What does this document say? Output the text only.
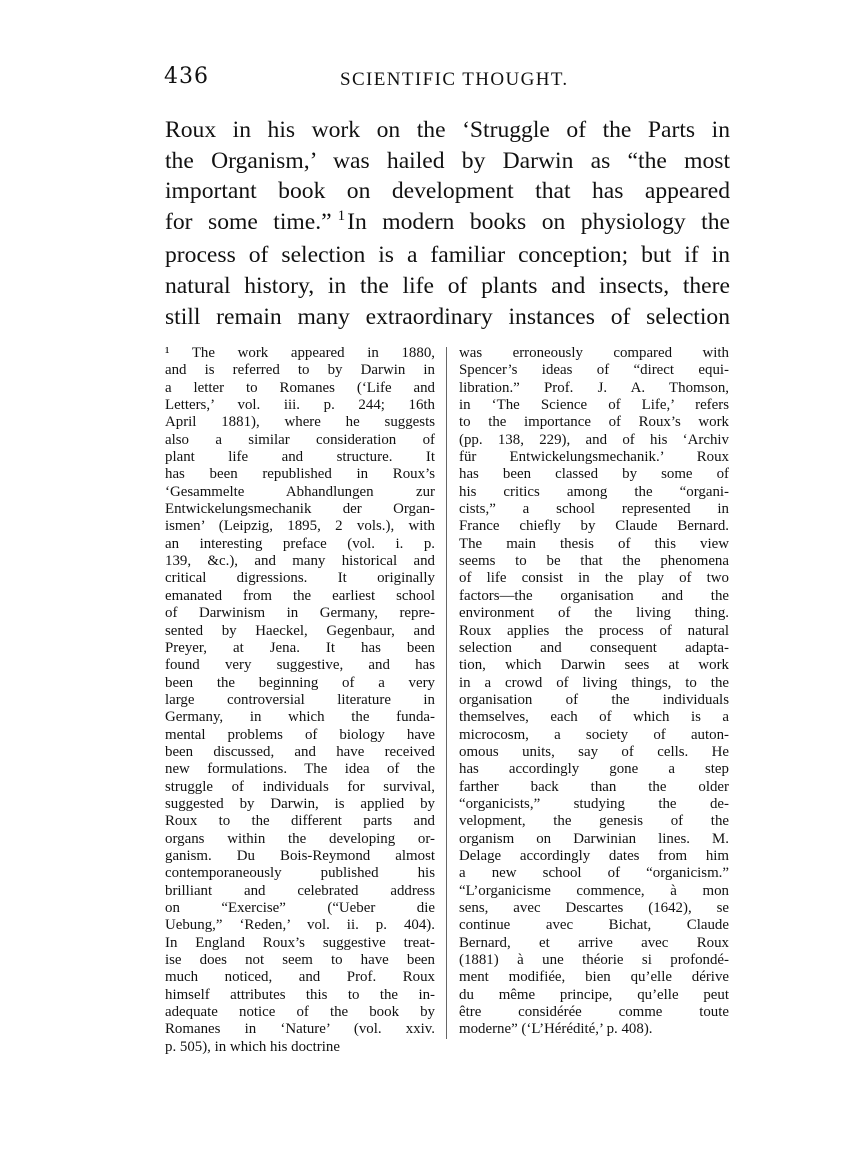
436	SCIENTIFIC THOUGHT.
Roux in his work on the ‘Struggle of the Parts in
the Organism,’ was hailed by Darwin as “the most
important book on development that has appeared
for some time.” $^1$In modern books on physiology the
process of selection is a familiar conception; but if in
natural history, in the life of plants and insects, there
still remain many extraordinary instances of selection
¹ The work appeared in 1880,
and is referred to by Darwin in
a letter to Romanes (‘Life and
Letters,’ vol. iii. p. 244; 16th
April 1881), where he suggests
also a similar consideration of
plant life and structure. It
has been republished in Roux’s
‘Gesammelte Abhandlungen zur
Entwickelungsmechanik der Organ-
ismen’ (Leipzig, 1895, 2 vols.), with
an interesting preface (vol. i. p.
139, &c.), and many historical and
critical digressions. It originally
emanated from the earliest school
of Darwinism in Germany, repre-
sented by Haeckel, Gegenbaur, and
Preyer, at Jena. It has been
found very suggestive, and has
been the beginning of a very
large controversial literature in
Germany, in which the funda-
mental problems of biology have
been discussed, and have received
new formulations. The idea of the
struggle of individuals for survival,
suggested by Darwin, is applied by
Roux to the different parts and
organs within the developing or-
ganism. Du Bois-Reymond almost
contemporaneously published his
brilliant and celebrated address
on “Exercise” (“Ueber die
Uebung,” ‘Reden,’ vol. ii. p. 404).
In England Roux’s suggestive treat-
ise does not seem to have been
much noticed, and Prof. Roux
himself attributes this to the in-
adequate notice of the book by
Romanes in ‘Nature’ (vol. xxiv.
p. 505), in which his doctrine
was erroneously compared with
Spencer’s ideas of “direct equi-
libration.” Prof. J. A. Thomson,
in ‘The Science of Life,’ refers
to the importance of Roux’s work
(pp. 138, 229), and of his ‘Archiv
für Entwickelungsmechanik.’ Roux
has been classed by some of
his critics among the “organi-
cists,” a school represented in
France chiefly by Claude Bernard.
The main thesis of this view
seems to be that the phenomena
of life consist in the play of two
factors—the organisation and the
environment of the living thing.
Roux applies the process of natural
selection and consequent adapta-
tion, which Darwin sees at work
in a crowd of living things, to the
organisation of the individuals
themselves, each of which is a
microcosm, a society of auton-
omous units, say of cells. He
has accordingly gone a step
farther back than the older
“organicists,” studying the de-
velopment, the genesis of the
organism on Darwinian lines. M.
Delage accordingly dates from him
a new school of “organicism.”
“L’organicisme commence, à mon
sens, avec Descartes (1642), se
continue avec Bichat, Claude
Bernard, et arrive avec Roux
(1881) à une théorie si profondé-
ment modifiée, bien qu’elle dérive
du même principe, qu’elle peut
être considérée comme toute
moderne” (‘L’Hérédité,’ p. 408).
